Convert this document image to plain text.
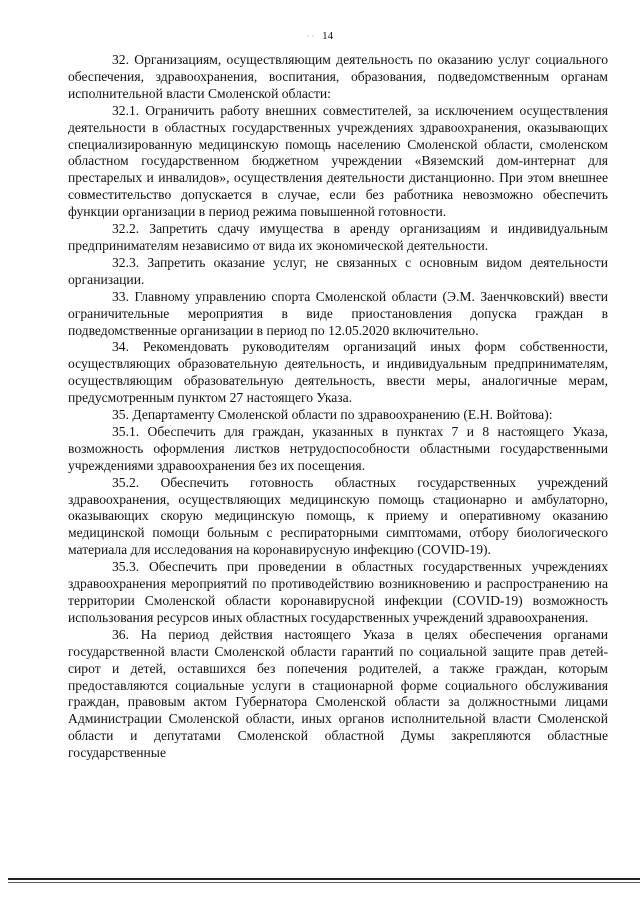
· · 14

32. Организациям, осуществляющим деятельность по оказанию услуг социального обеспечения, здравоохранения, воспитания, образования, подведомственным органам исполнительной власти Смоленской области:

32.1. Ограничить работу внешних совместителей, за исключением осуществления деятельности в областных государственных учреждениях здравоохранения, оказывающих специализированную медицинскую помощь населению Смоленской области, смоленском областном государственном бюджетном учреждении «Вяземский дом-интернат для престарелых и инвалидов», осуществления деятельности дистанционно. При этом внешнее совместительство допускается в случае, если без работника невозможно обеспечить функции организации в период режима повышенной готовности.

32.2. Запретить сдачу имущества в аренду организациям и индивидуальным предпринимателям независимо от вида их экономической деятельности.

32.3. Запретить оказание услуг, не связанных с основным видом деятельности организации.

33. Главному управлению спорта Смоленской области (Э.М. Заенчковский) ввести ограничительные мероприятия в виде приостановления допуска граждан в подведомственные организации в период по 12.05.2020 включительно.

34. Рекомендовать руководителям организаций иных форм собственности, осуществляющих образовательную деятельность, и индивидуальным предпринимателям, осуществляющим образовательную деятельность, ввести меры, аналогичные мерам, предусмотренным пунктом 27 настоящего Указа.

35. Департаменту Смоленской области по здравоохранению (Е.Н. Войтова):

35.1. Обеспечить для граждан, указанных в пунктах 7 и 8 настоящего Указа, возможность оформления листков нетрудоспособности областными государственными учреждениями здравоохранения без их посещения.

35.2. Обеспечить готовность областных государственных учреждений здравоохранения, осуществляющих медицинскую помощь стационарно и амбулаторно, оказывающих скорую медицинскую помощь, к приему и оперативному оказанию медицинской помощи больным с респираторными симптомами, отбору биологического материала для исследования на коронавирусную инфекцию (COVID-19).

35.3. Обеспечить при проведении в областных государственных учреждениях здравоохранения мероприятий по противодействию возникновению и распространению на территории Смоленской области коронавирусной инфекции (COVID-19) возможность использования ресурсов иных областных государственных учреждений здравоохранения.

36. На период действия настоящего Указа в целях обеспечения органами государственной власти Смоленской области гарантий по социальной защите прав детей-сирот и детей, оставшихся без попечения родителей, а также граждан, которым предоставляются социальные услуги в стационарной форме социального обслуживания граждан, правовым актом Губернатора Смоленской области за должностными лицами Администрации Смоленской области, иных органов исполнительной власти Смоленской области и депутатами Смоленской областной Думы закрепляются областные государственные
